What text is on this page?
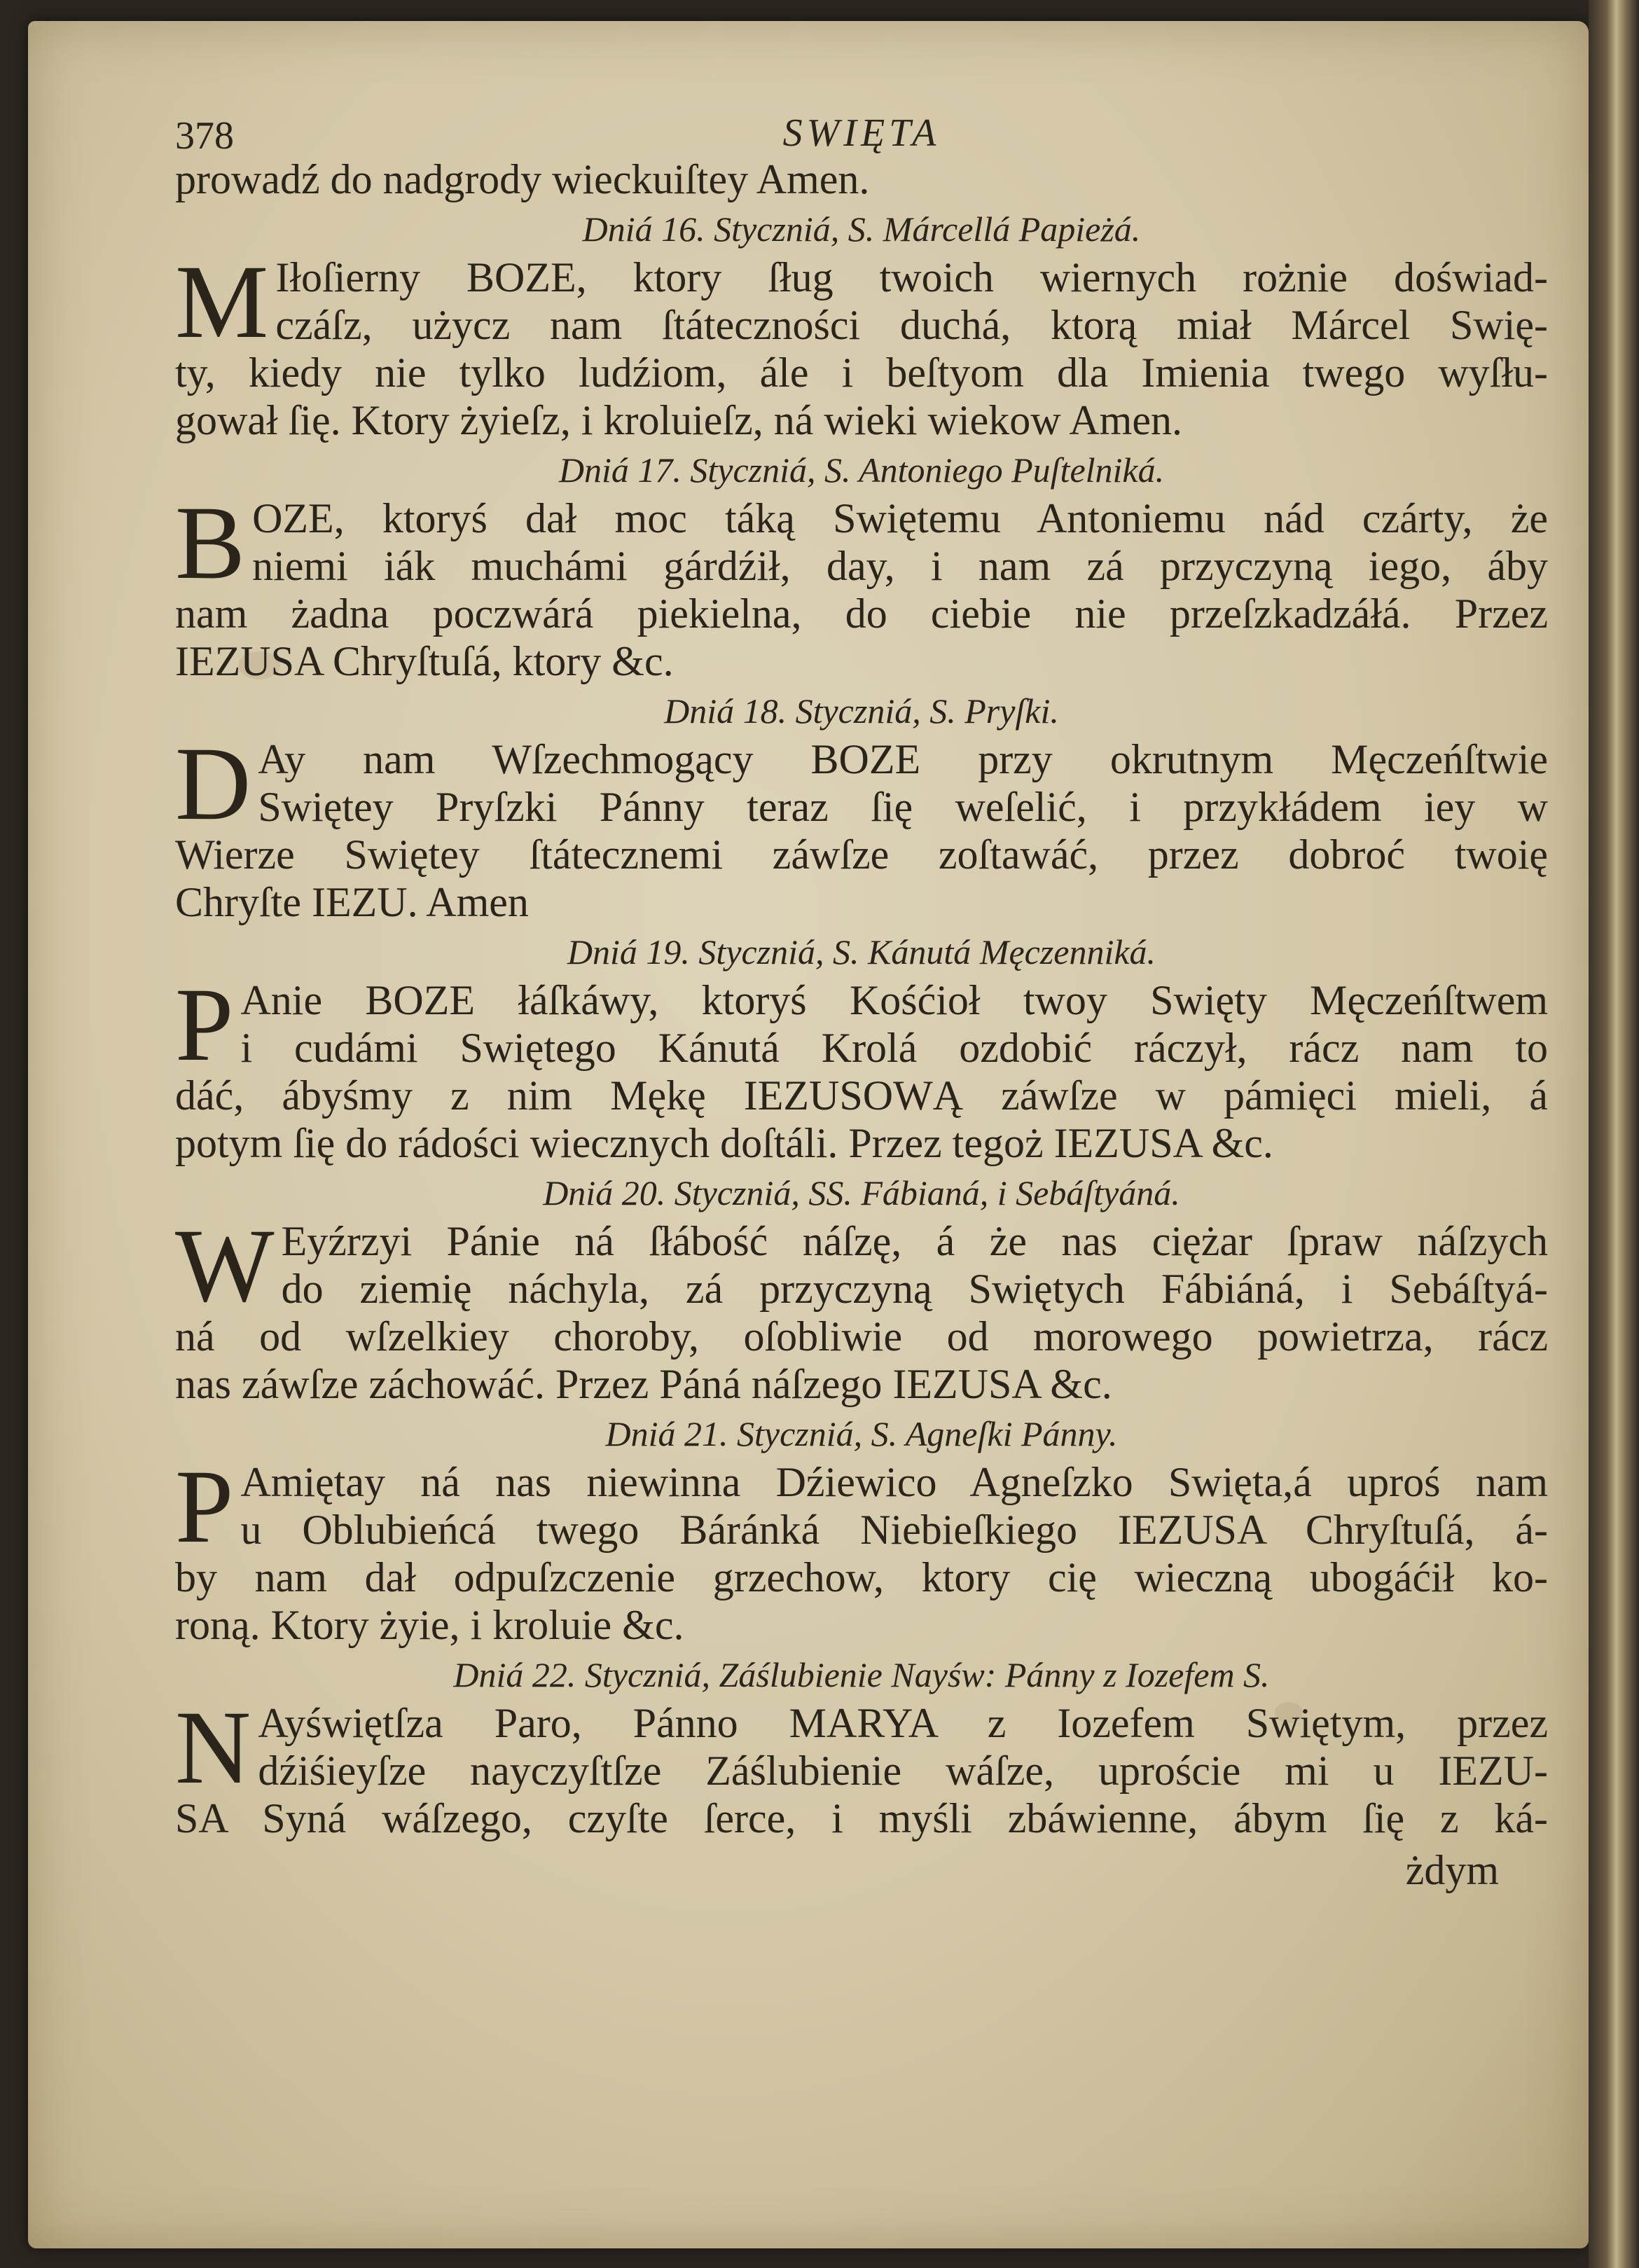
378	SWIĘTA
prowadź do nadgrody wieckuiſtey Amen.
Dniá 16. Styczniá, S. Márcellá Papieżá.
M Iłoſierny BOZE, ktory ſług twoich wiernych rożnie doświad-
czáſz, użycz nam ſtáteczności duchá, ktorą miał Márcel Swię-
ty, kiedy nie tylko ludźiom, ále i beſtyom dla Imienia twego wyſłu-
gował ſię. Ktory żyieſz, i kroluieſz, ná wieki wiekow Amen.
Dniá 17. Styczniá, S. Antoniego Puſtelniká.
B OZE, ktoryś dał moc táką Swiętemu Antoniemu nád czárty, że
niemi iák muchámi gárdźił, day, i nam zá przyczyną iego, áby
nam żadna poczwárá piekielna, do ciebie nie przeſzkadzáłá. Przez
IEZUSA Chryſtuſá, ktory &c.
Dniá 18. Styczniá, S. Pryſki.
D Ay nam Wſzechmogący BOZE przy okrutnym Męczeńſtwie
Swiętey Pryſzki Pánny teraz ſię weſelić, i przykłádem iey w
Wierze Swiętey ſtátecznemi záwſze zoſtawáć, przez dobroć twoię
Chryſte IEZU. Amen
Dniá 19. Styczniá, S. Kánutá Męczenniká.
P Anie BOZE łáſkáwy, ktoryś Kośćioł twoy Swięty Męczeńſtwem
i cudámi Swiętego Kánutá Krolá ozdobić ráczył, rácz nam to
dáć, ábyśmy z nim Mękę IEZUSOWĄ záwſze w pámięci mieli, á
potym ſię do rádości wiecznych doſtáli. Przez tegoż IEZUSA &c.
Dniá 20. Styczniá, SS. Fábianá, i Sebáſtyáná.
W Eyźrzyi Pánie ná ſłábość náſzę, á że nas ciężar ſpraw náſzych
do ziemię náchyla, zá przyczyną Swiętych Fábiáná, i Sebáſtyá-
ná od wſzelkiey choroby, oſobliwie od morowego powietrza, rácz
nas záwſze záchowáć. Przez Páná náſzego IEZUSA &c.
Dniá 21. Styczniá, S. Agneſki Pánny.
P Amiętay ná nas niewinna Dźiewico Agneſzko Swięta,á uproś nam
u Oblubieńcá twego Báránká Niebieſkiego IEZUSA Chryſtuſá, á-
by nam dał odpuſzczenie grzechow, ktory cię wieczną ubogáćił ko-
roną. Ktory żyie, i kroluie &c.
Dniá 22. Styczniá, Záślubienie Nayśw: Pánny z Iozefem S.
N Ayświętſza Paro, Pánno MARYA z Iozefem Swiętym, przez
dźiśieyſze nayczyſtſze Záślubienie wáſze, uproście mi u IEZU-
SA Syná wáſzego, czyſte ſerce, i myśli zbáwienne, ábym ſię z ká-
żdym
